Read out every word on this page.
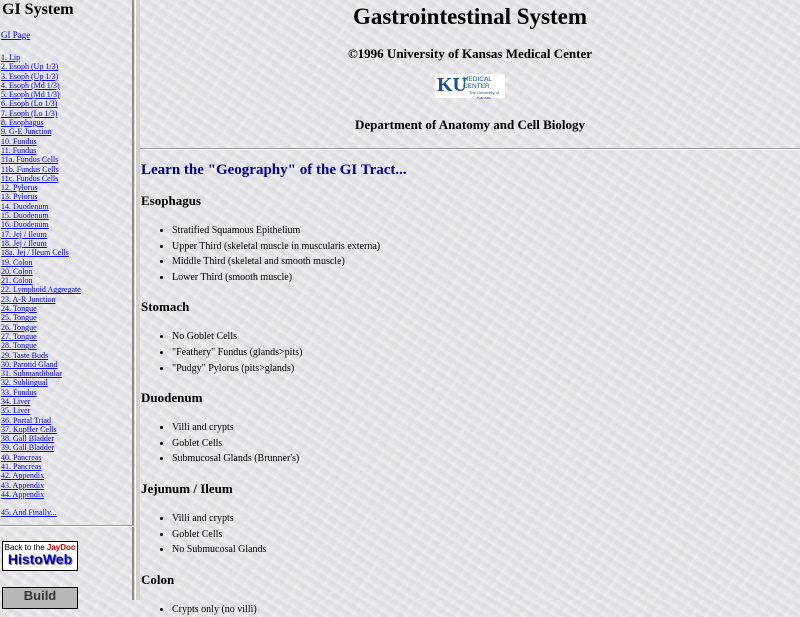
GI System
GI Page
1. Lip
2. Esoph (Up 1/3)
3. Esoph (Up 1/3)
4. Esoph (Md 1/3)
5. Esoph (Md 1/3)
6. Esoph (Lo 1/3)
7. Esoph (Lo 1/3)
8. Esophagus
9. G-E Junction
10. Fundus
11. Fundus
11a. Fundus Cells
11b. Fundus Cells
11c. Fundus Cells
12. Pylorus
13. Pylorus
14. Duodenum
15. Duodenum
16. Duodenum
17. Jej / Ileum
18. Jej / Ileum
18a. Jej / Ileum Cells
19. Colon
20. Colon
21. Colon
22. Lymphoid Aggregate
23. A-R Junction
24. Tongue
25. Tongue
26. Tongue
27. Tongue
28. Tongue
29. Taste Buds
30. Parotid Gland
31. Submandibular
32. Sublingual
33. Fundus
34. Liver
35. Liver
36. Portal Triad
37. Kupffer Cells
38. Gall Bladder
39. Gall Bladder
40. Pancreas
41. Pancreas
42. Appendix
43. Appendix
44. Appendix
45. And Finally...
Back to the JayDoc
HistoWeb
Build
Gastrointestinal System
©1996 University of Kansas Medical Center
KU
MEDICAL
CENTER
The University of Kansas
Department of Anatomy and Cell Biology
Learn the "Geography" of the GI Tract...
Esophagus
• Stratified Squamous Epithelium
• Upper Third (skeletal muscle in muscularis externa)
• Middle Third (skeletal and smooth muscle)
• Lower Third (smooth muscle)
Stomach
• No Goblet Cells
• "Feathery" Fundus (glands>pits)
• "Pudgy" Pylorus (pits>glands)
Duodenum
• Villi and crypts
• Goblet Cells
• Submucosal Glands (Brunner's)
Jejunum / Ileum
• Villi and crypts
• Goblet Cells
• No Submucosal Glands
Colon
• Crypts only (no villi)
